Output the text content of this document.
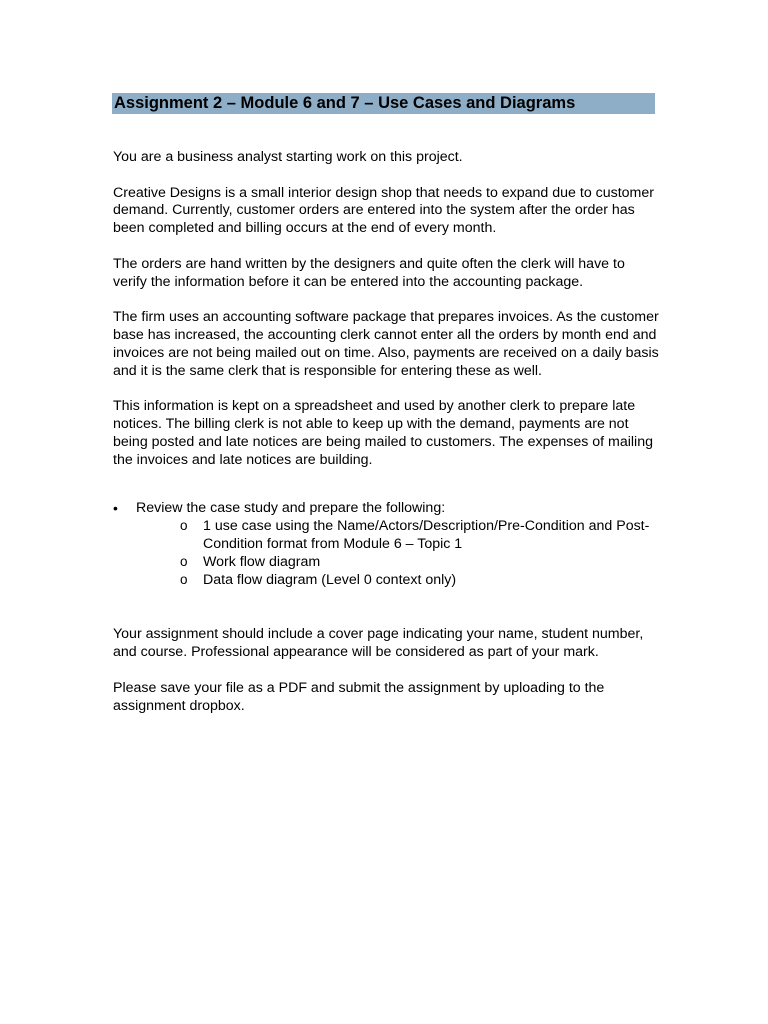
Assignment 2 – Module 6 and 7 – Use Cases and Diagrams

You are a business analyst starting work on this project.

Creative Designs is a small interior design shop that needs to expand due to customer demand. Currently, customer orders are entered into the system after the order has been completed and billing occurs at the end of every month.

The orders are hand written by the designers and quite often the clerk will have to verify the information before it can be entered into the accounting package.

The firm uses an accounting software package that prepares invoices. As the customer base has increased, the accounting clerk cannot enter all the orders by month end and invoices are not being mailed out on time. Also, payments are received on a daily basis and it is the same clerk that is responsible for entering these as well.

This information is kept on a spreadsheet and used by another clerk to prepare late notices. The billing clerk is not able to keep up with the demand, payments are not being posted and late notices are being mailed to customers. The expenses of mailing the invoices and late notices are building.

• Review the case study and prepare the following:
o 1 use case using the Name/Actors/Description/Pre-Condition and Post-Condition format from Module 6 – Topic 1
o Work flow diagram
o Data flow diagram (Level 0 context only)

Your assignment should include a cover page indicating your name, student number, and course. Professional appearance will be considered as part of your mark.

Please save your file as a PDF and submit the assignment by uploading to the assignment dropbox.
